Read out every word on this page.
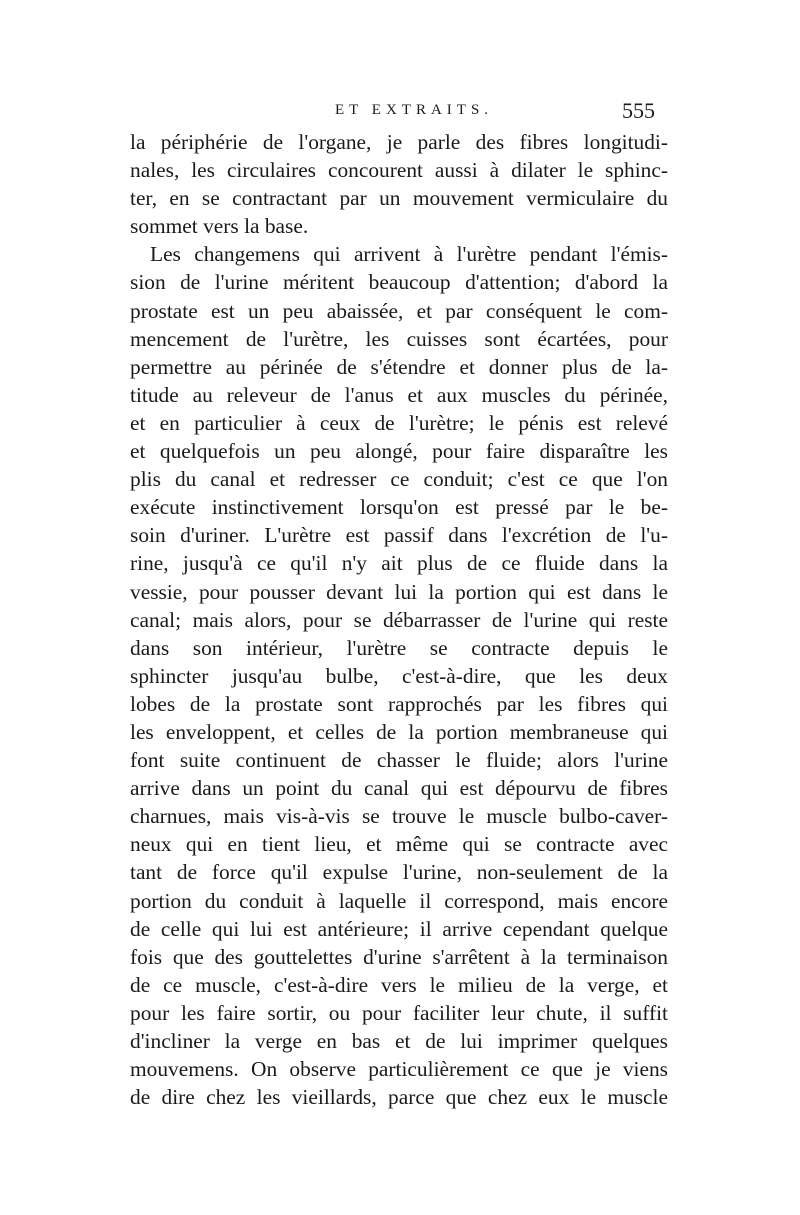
ET EXTRAITS.	555
la périphérie de l'organe, je parle des fibres longitudi-
nales, les circulaires concourent aussi à dilater le sphinc-
ter, en se contractant par un mouvement vermiculaire du
sommet vers la base.
Les changemens qui arrivent à l'urètre pendant l'émis-
sion de l'urine méritent beaucoup d'attention; d'abord la
prostate est un peu abaissée, et par conséquent le com-
mencement de l'urètre, les cuisses sont écartées, pour
permettre au périnée de s'étendre et donner plus de la-
titude au releveur de l'anus et aux muscles du périnée,
et en particulier à ceux de l'urètre; le pénis est relevé
et quelquefois un peu alongé, pour faire disparaître les
plis du canal et redresser ce conduit; c'est ce que l'on
exécute instinctivement lorsqu'on est pressé par le be-
soin d'uriner. L'urètre est passif dans l'excrétion de l'u-
rine, jusqu'à ce qu'il n'y ait plus de ce fluide dans la
vessie, pour pousser devant lui la portion qui est dans le
canal; mais alors, pour se débarrasser de l'urine qui reste
dans son intérieur, l'urètre se contracte depuis le
sphincter jusqu'au bulbe, c'est-à-dire, que les deux
lobes de la prostate sont rapprochés par les fibres qui
les enveloppent, et celles de la portion membraneuse qui
font suite continuent de chasser le fluide; alors l'urine
arrive dans un point du canal qui est dépourvu de fibres
charnues, mais vis-à-vis se trouve le muscle bulbo-caver-
neux qui en tient lieu, et même qui se contracte avec
tant de force qu'il expulse l'urine, non-seulement de la
portion du conduit à laquelle il correspond, mais encore
de celle qui lui est antérieure; il arrive cependant quelque
fois que des gouttelettes d'urine s'arrêtent à la terminaison
de ce muscle, c'est-à-dire vers le milieu de la verge, et
pour les faire sortir, ou pour faciliter leur chute, il suffit
d'incliner la verge en bas et de lui imprimer quelques
mouvemens. On observe particulièrement ce que je viens
de dire chez les vieillards, parce que chez eux le muscle
